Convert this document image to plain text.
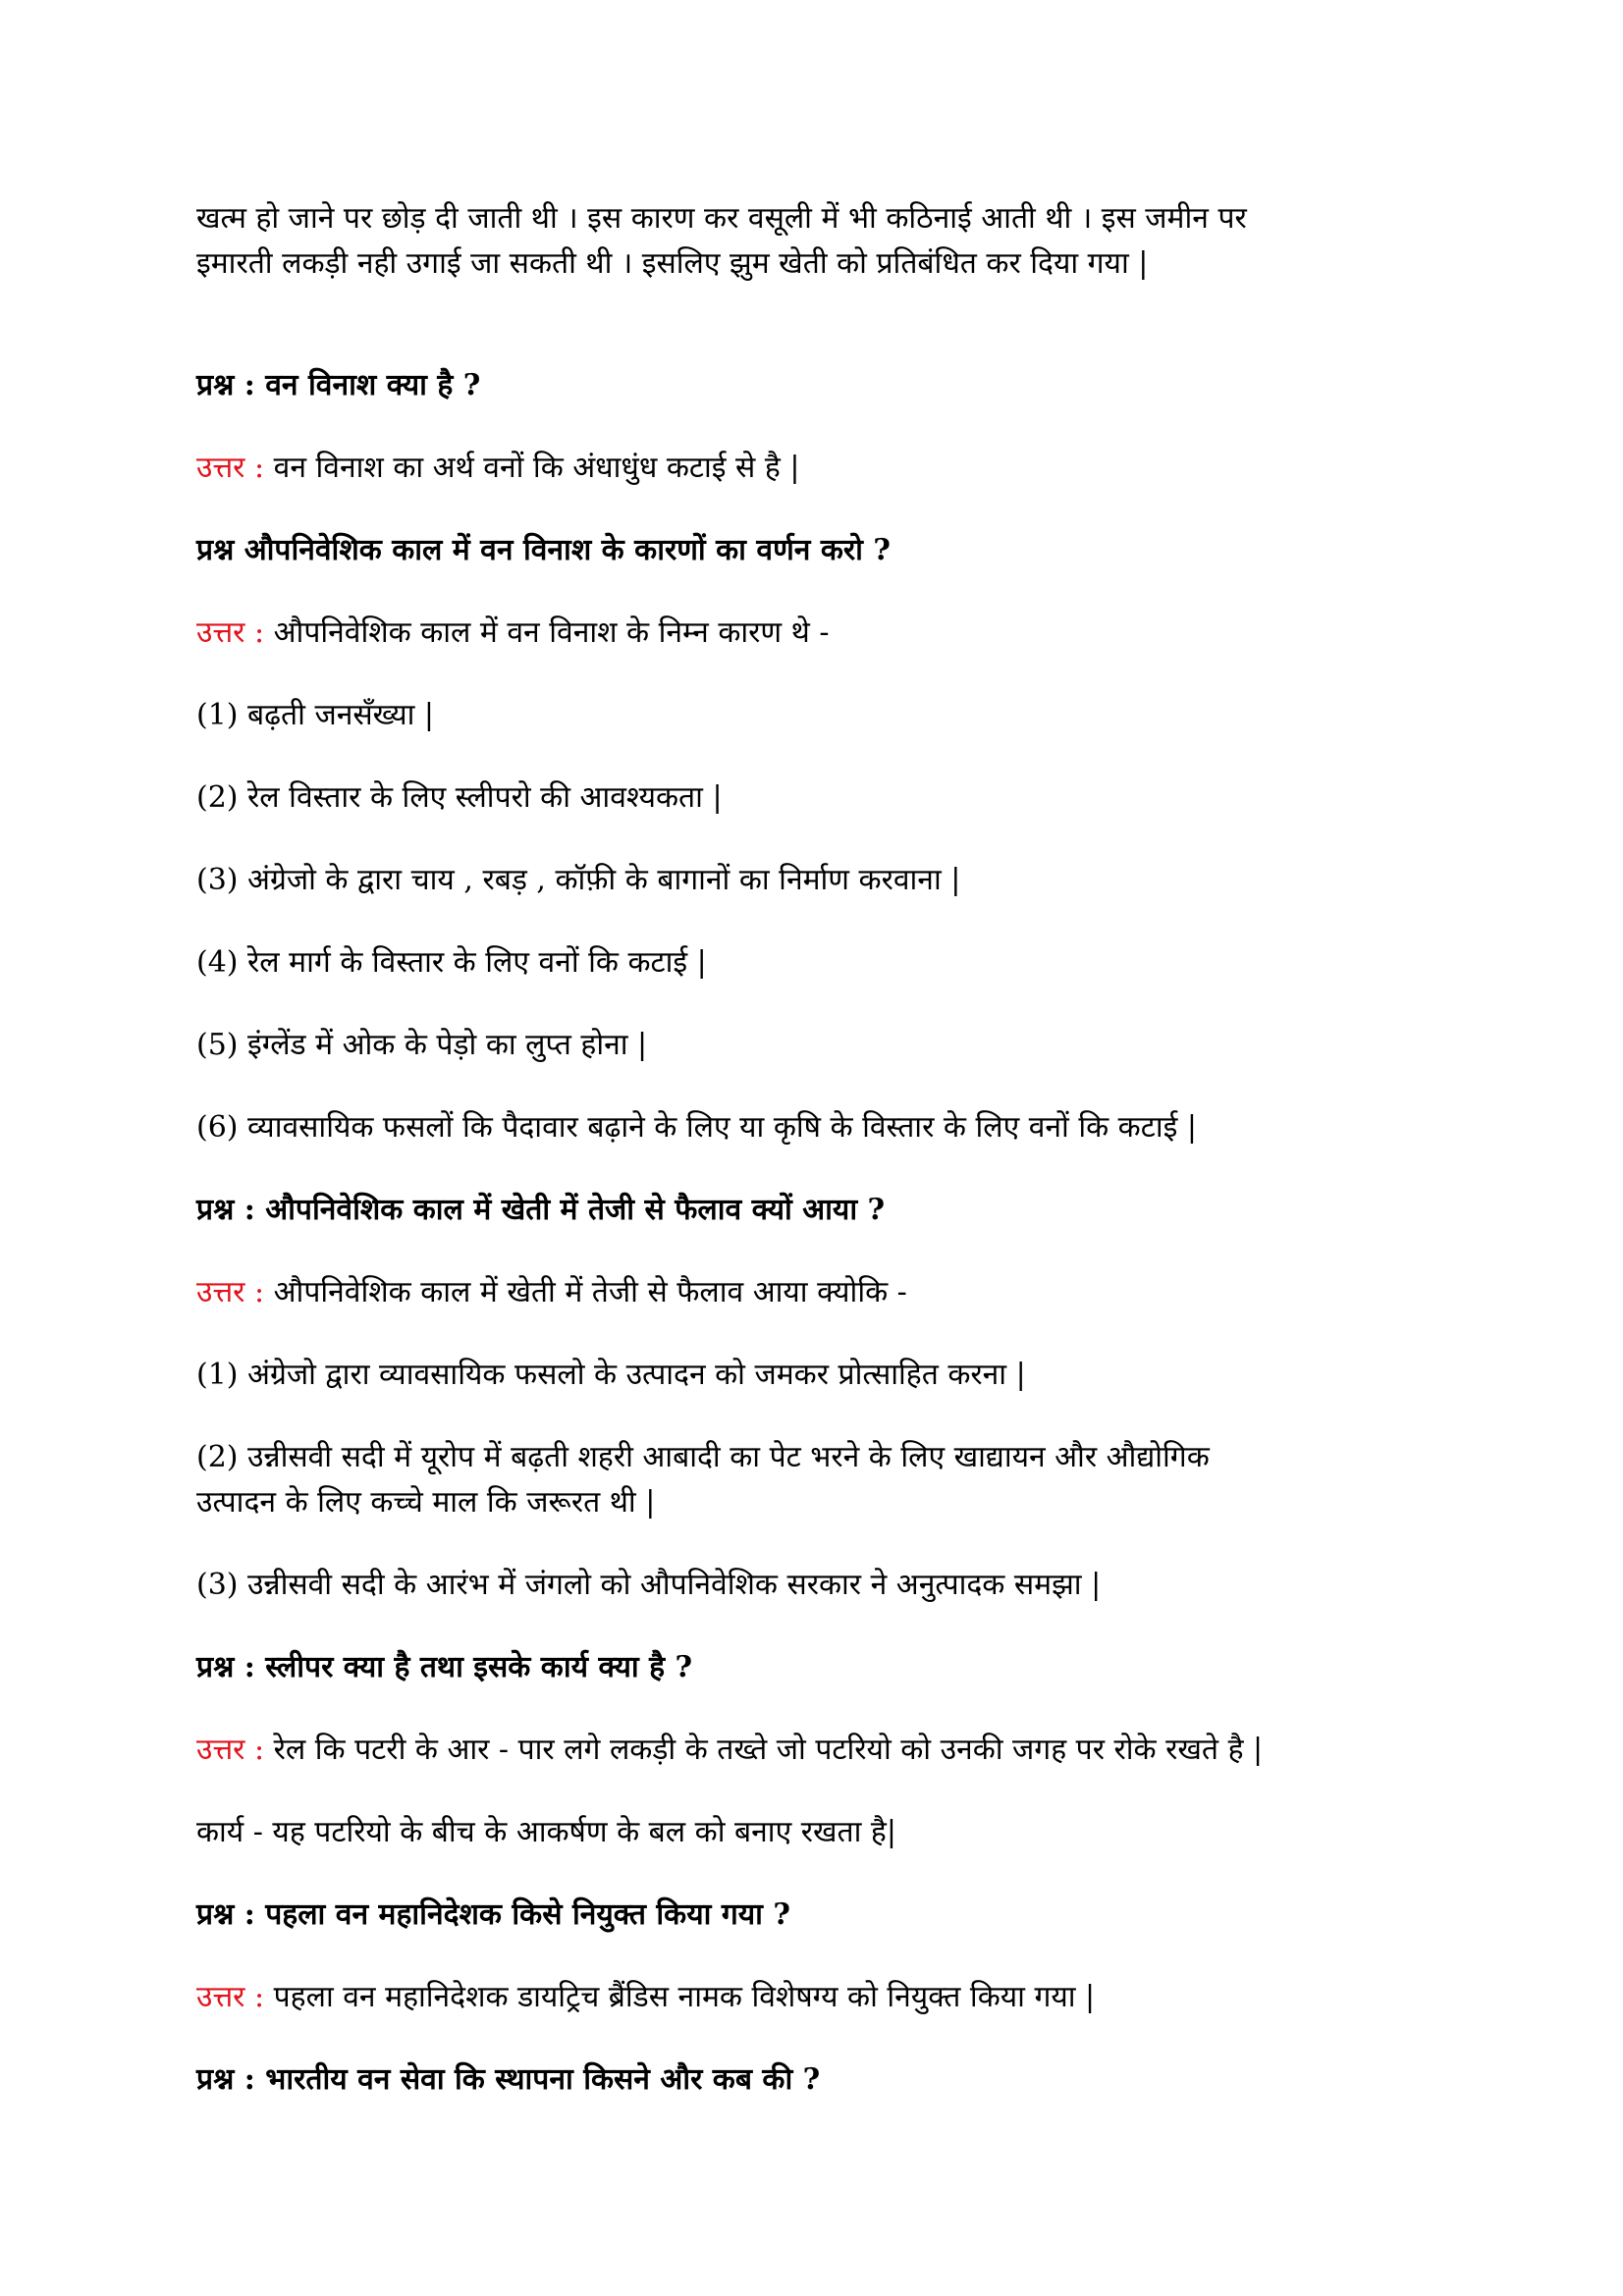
खत्म हो जाने पर छोड़ दी जाती थी । इस कारण कर वसूली में भी कठिनाई आती थी । इस जमीन पर

इमारती लकड़ी नही उगाई जा सकती थी । इसलिए झुम खेती को प्रतिबंधित कर दिया गया |

प्रश्न : वन विनाश क्या है ?

उत्तर : वन विनाश का अर्थ वनों कि अंधाधुंध कटाई से है |

प्रश्न औपनिवेशिक काल में वन विनाश के कारणों का वर्णन करो ?

उत्तर : औपनिवेशिक काल में वन विनाश के निम्न कारण थे -

(1) बढ़ती जनसँख्या |

(2) रेल विस्तार के लिए स्लीपरो की आवश्यकता |

(3) अंग्रेजो के द्वारा चाय , रबड़ , कॉफ़ी के बागानों का निर्माण करवाना |

(4) रेल मार्ग के विस्तार के लिए वनों कि कटाई |

(5) इंग्लेंड में ओक के पेड़ो का लुप्त होना |

(6) व्यावसायिक फसलों कि पैदावार बढ़ाने के लिए या कृषि के विस्तार के लिए वनों कि कटाई |

प्रश्न : औपनिवेशिक काल में खेती में तेजी से फैलाव क्यों आया ?

उत्तर : औपनिवेशिक काल में खेती में तेजी से फैलाव आया क्योकि -

(1) अंग्रेजो द्वारा व्यावसायिक फसलो के उत्पादन को जमकर प्रोत्साहित करना |

(2) उन्नीसवी सदी में यूरोप में बढ़ती शहरी आबादी का पेट भरने के लिए खाद्यायन और औद्योगिक

उत्पादन के लिए कच्चे माल कि जरूरत थी |

(3) उन्नीसवी सदी के आरंभ में जंगलो को औपनिवेशिक सरकार ने अनुत्पादक समझा |

प्रश्न : स्लीपर क्या है तथा इसके कार्य क्या है ?

उत्तर : रेल कि पटरी के आर - पार लगे लकड़ी के तख्ते जो पटरियो को उनकी जगह पर रोके रखते है |

कार्य - यह पटरियो के बीच के आकर्षण के बल को बनाए रखता है|

प्रश्न : पहला वन महानिदेशक किसे नियुक्त किया गया ?

उत्तर : पहला वन महानिदेशक डायट्रिच ब्रैंडिस नामक विशेषग्य को नियुक्त किया गया |

प्रश्न : भारतीय वन सेवा कि स्थापना किसने और कब की ?
